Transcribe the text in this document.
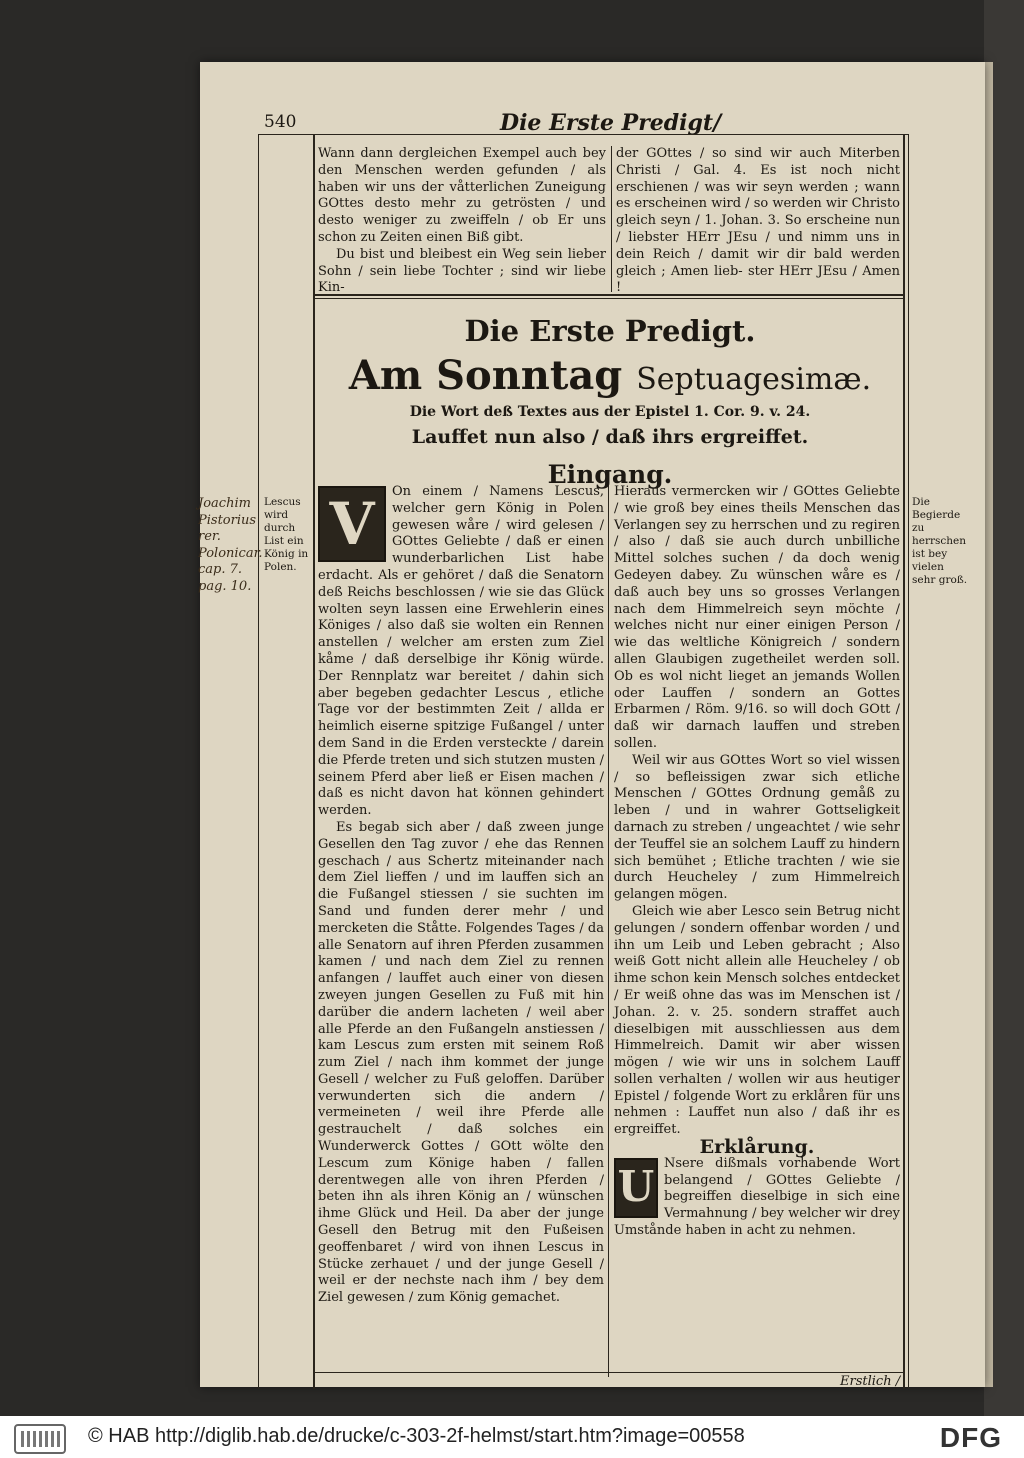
540	Die Erste Predigt/

Wann dann dergleichen Exempel auch bey den Menschen werden gefunden / als haben wir uns der våtterlichen Zuneigung GOttes desto mehr zu getrösten / und desto weniger zu zweiffeln / ob Er uns schon zu Zeiten einen Biß gibt.

Du bist und bleibest ein Weg sein lieber Sohn / sein liebe Tochter ; sind wir liebe Kin-

der GOttes / so sind wir auch Miterben Christi / Gal. 4. Es ist noch nicht erschienen / was wir seyn werden ; wann es erscheinen wird / so werden wir Christo gleich seyn / 1. Johan. 3. So erscheine nun / liebster HErr JEsu / und nimm uns in dein Reich / damit wir dir bald werden gleich ; Amen lieb- ster HErr JEsu / Amen !

Die Erste Predigt.
Am Sonntag Septuagesimæ.
Die Wort deß Textes aus der Epistel 1. Cor. 9. v. 24.
Lauffet nun also / daß ihrs ergreiffet.
Eingang.

V	On einem / Namens Lescus, welcher gern König in Polen gewesen wåre / wird gelesen / GOttes Geliebte / daß er einen wunderbarlichen List habe erdacht. Als er gehöret / daß die Senatorn deß Reichs beschlossen / wie sie das Glück wolten seyn lassen eine Erwehlerin eines Königes / also daß sie wolten ein Rennen anstellen / welcher am ersten zum Ziel kåme / daß derselbige ihr König würde. Der Rennplatz war bereitet / dahin sich aber begeben gedachter Lescus , etliche Tage vor der bestimmten Zeit / allda er heimlich eiserne spitzige Fußangel / unter dem Sand in die Erden versteckte / darein die Pferde treten und sich stutzen musten / seinem Pferd aber ließ er Eisen machen / daß es nicht davon hat können gehindert werden.

Es begab sich aber / daß zween junge Gesellen den Tag zuvor / ehe das Rennen geschach / aus Schertz miteinander nach dem Ziel lieffen / und im lauffen sich an die Fußangel stiessen / sie suchten im Sand und funden derer mehr / und mercketen die Ståtte. Folgendes Tages / da alle Senatorn auf ihren Pferden zusammen kamen / und nach dem Ziel zu rennen anfangen / lauffet auch einer von diesen zweyen jungen Gesellen zu Fuß mit hin darüber die andern lacheten / weil aber alle Pferde an den Fußangeln anstiessen / kam Lescus zum ersten mit seinem Roß zum Ziel / nach ihm kommet der junge Gesell / welcher zu Fuß geloffen. Darüber verwunderten sich die andern / vermeineten / weil ihre Pferde alle gestrauchelt / daß solches ein Wunderwerck Gottes / GOtt wölte den Lescum zum Könige haben / fallen derentwegen alle von ihren Pferden / beten ihn als ihren König an / wünschen ihme Glück und Heil. Da aber der junge Gesell den Betrug mit den Fußeisen geoffenbaret / wird von ihnen Lescus in Stücke zerhauet / und der junge Gesell / weil er der nechste nach ihm / bey dem Ziel gewesen / zum König gemachet.

Hieraus vermercken wir / GOttes Geliebte / wie groß bey eines theils Menschen das Verlangen sey zu herrschen und zu regiren / also / daß sie auch durch unbilliche Mittel solches suchen / da doch wenig Gedeyen dabey. Zu wünschen wåre es / daß auch bey uns so grosses Verlangen nach dem Himmelreich seyn möchte / welches nicht nur einer einigen Person / wie das weltliche Königreich / sondern allen Glaubigen zugetheilet werden soll. Ob es wol nicht lieget an jemands Wollen oder Lauffen / sondern an Gottes Erbarmen / Röm. 9/16. so will doch GOtt / daß wir darnach lauffen und streben sollen.

Weil wir aus GOttes Wort so viel wissen / so befleissigen zwar sich etliche Menschen / GOttes Ordnung gemåß zu leben / und in wahrer Gottseligkeit darnach zu streben / ungeachtet / wie sehr der Teuffel sie an solchem Lauff zu hindern sich bemühet ; Etliche trachten / wie sie durch Heucheley / zum Himmelreich gelangen mögen.

Gleich wie aber Lesco sein Betrug nicht gelungen / sondern offenbar worden / und ihn um Leib und Leben gebracht ; Also weiß Gott nicht allein alle Heucheley / ob ihme schon kein Mensch solches entdecket / Er weiß ohne das was im Menschen ist / Johan. 2. v. 25. sondern straffet auch dieselbigen mit ausschliessen aus dem Himmelreich. Damit wir aber wissen mögen / wie wir uns in solchem Lauff sollen verhalten / wollen wir aus heutiger Epistel / folgende Wort zu erklåren für uns nehmen : Lauffet nun also / daß ihr es ergreiffet.

Erklårung.

U Nsere dißmals vorhabende Wort belangend / GOttes Geliebte / begreiffen dieselbige in sich eine Vermahnung / bey welcher wir drey Umstånde haben in acht zu nehmen.

Erstlich /
Lescus wird durch List ein König in Polen.
Joachim Pistorius rer. Polonicar. cap. 7. pag. 10.
Die Begierde zu herrschen ist bey vielen sehr groß.
© HAB http://diglib.hab.de/drucke/c-303-2f-helmst/start.htm?image=00558	DFG
